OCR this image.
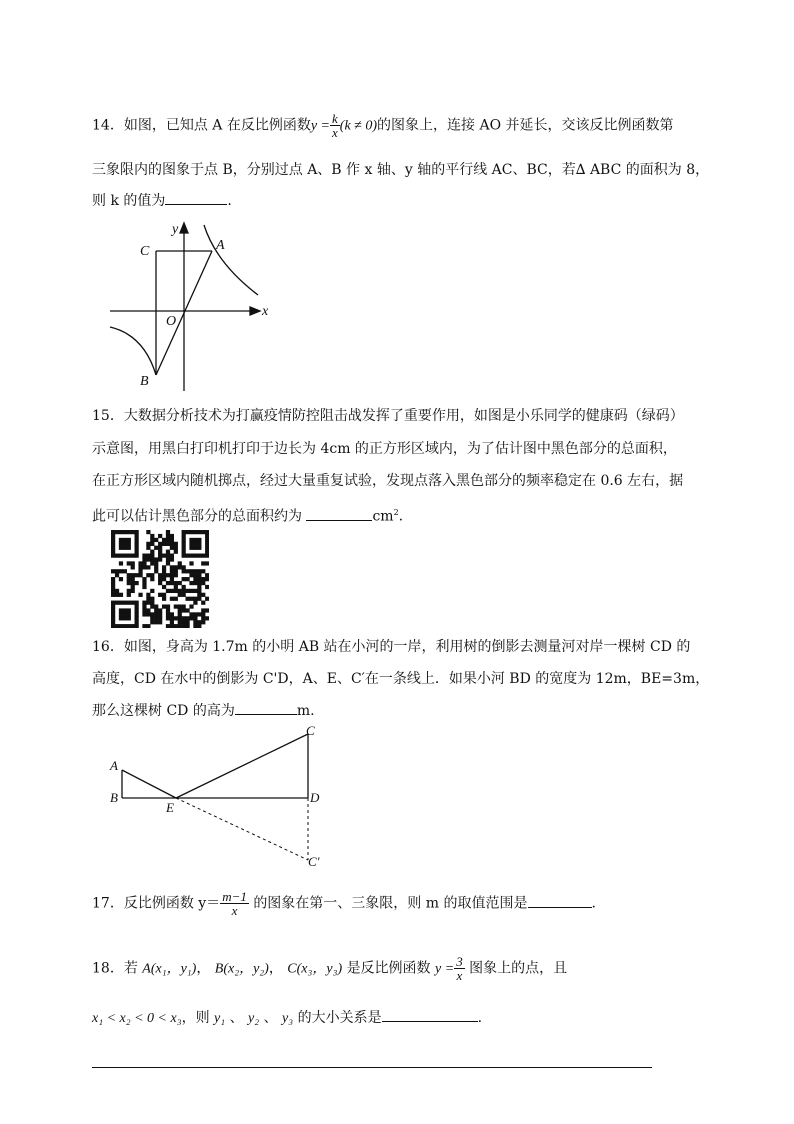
14．如图，已知点 A 在反比例函数$y = \frac{k}{x} (k \ne 0)$的图象上，连接 AO 并延长，交该反比例函数第
三象限内的图象于点 B，分别过点 A、B 作 x 轴、y 轴的平行线 AC、BC，若∆ ABC 的面积为 8，
则 k 的值为	.
C	A
O
B
x
y
15．大数据分析技术为打赢疫情防控阻击战发挥了重要作用，如图是小乐同学的健康码（绿码）
示意图，用黑白打印机打印于边长为 4cm 的正方形区域内，为了估计图中黑色部分的总面积，
在正方形区域内随机掷点，经过大量重复试验，发现点落入黑色部分的频率稳定在 0.6 左右，据
此可以估计黑色部分的总面积约为	$cm^2$.
16．如图，身高为 1.7m 的小明 AB 站在小河的一岸，利用树的倒影去测量河对岸一棵树 CD 的
高度，CD 在水中的倒影为 C'D，A、E、C′在一条线上．如果小河 BD 的宽度为 12m，BE=3m，
那么这棵树 CD 的高为	m.
A
B
E
C
D
C′
17．反比例函数 $y= \frac{m-1}{x}$ 的图象在第一、三象限，则 m 的取值范围是	.
18．若 A(x₁，y₁)， B(x₂，y₂)， C(x₃，y₃) 是反比例函数 $y = \frac{3}{x}$ 图象上的点，且
x₁ < x₂ < 0 < x₃，则 y₁ 、 y₂ 、 y₃ 的大小关系是	.
